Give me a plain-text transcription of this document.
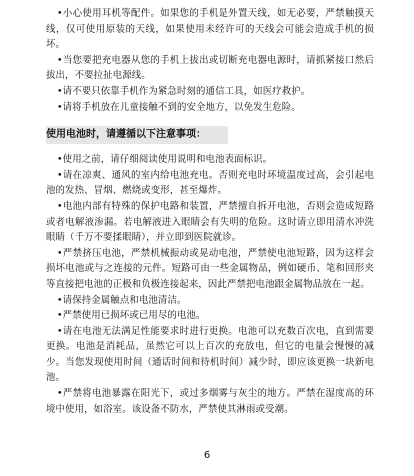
•小心使用耳机等配件。如果您的手机是外置天线，如无必要，严禁触摸天线，仅可使用原装的天线，如果使用未经许可的天线会可能会造成手机的损坏。

•当您要把充电器从您的手机上拔出或切断充电器电源时，请抓紧接口然后拔出，不要拉扯电源线。

•请不要只依靠手机作为紧急时刻的通信工具，如医疗救护。

•请将手机放在儿童接触不到的安全地方，以免发生危险。

使用电池时，请遵循以下注意事项：

•使用之前，请仔细阅读使用说明和电池表面标识。

•请在凉爽、通风的室内给电池充电。否则充电时环境温度过高，会引起电池的发热、冒烟、燃烧或变形，甚至爆炸。

•电池内部有特殊的保护电路和装置，严禁擅自拆开电池，否则会造成短路或者电解液渗漏。若电解液进入眼睛会有失明的危险。这时请立即用清水冲洗眼睛（千万不要揉眼睛），并立即到医院就诊。

•严禁挤压电池，严禁机械振动或晃动电池，严禁使电池短路，因为这样会损坏电池或与之连接的元件。短路可由一些金属物品，例如硬币、笔和回形夹等直接把电池的正极和负极连接起来，因此严禁把电池跟金属物品放在一起。

•请保持金属触点和电池清洁。

•严禁使用已损坏或已用尽的电池。

•请在电池无法满足性能要求时进行更换。电池可以充数百次电，直到需要更换。电池是消耗品，虽然它可以上百次的充放电，但它的电量会慢慢的减少。当您发现使用时间（通话时间和待机时间）减少时，即应该更换一块新电池。

•严禁将电池暴露在阳光下，或过多烟雾与灰尘的地方。严禁在湿度高的环境中使用，如浴室。该设备不防水，严禁使其淋雨或受潮。

6
